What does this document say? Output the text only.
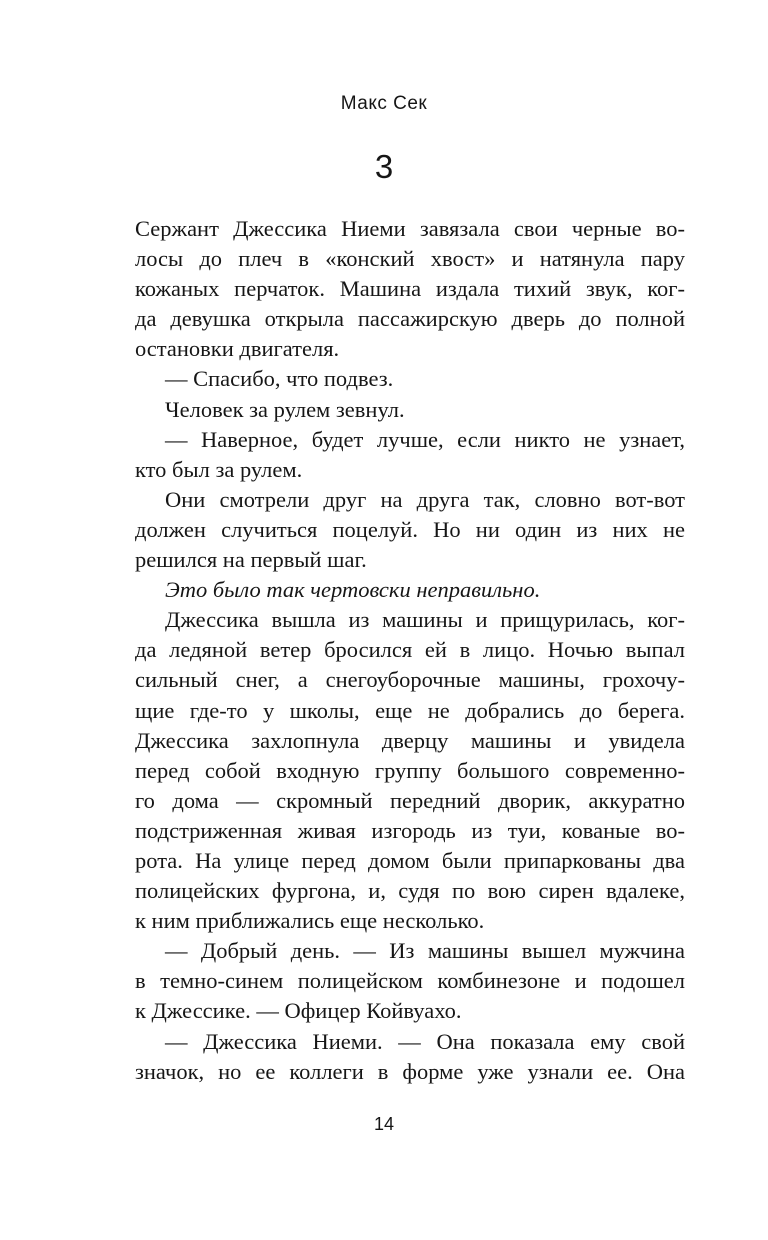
Макс Сек
3
Сержант Джессика Ниеми завязала свои черные во-
лосы до плеч в «конский хвост» и натянула пару
кожаных перчаток. Машина издала тихий звук, ког-
да девушка открыла пассажирскую дверь до полной
остановки двигателя.
— Спасибо, что подвез.
Человек за рулем зевнул.
— Наверное, будет лучше, если никто не узнает,
кто был за рулем.
Они смотрели друг на друга так, словно вот-вот
должен случиться поцелуй. Но ни один из них не
решился на первый шаг.
Это было так чертовски неправильно.
Джессика вышла из машины и прищурилась, ког-
да ледяной ветер бросился ей в лицо. Ночью выпал
сильный снег, а снегоуборочные машины, грохочу-
щие где-то у школы, еще не добрались до берега.
Джессика захлопнула дверцу машины и увидела
перед собой входную группу большого современно-
го дома — скромный передний дворик, аккуратно
подстриженная живая изгородь из туи, кованые во-
рота. На улице перед домом были припаркованы два
полицейских фургона, и, судя по вою сирен вдалеке,
к ним приближались еще несколько.
— Добрый день. — Из машины вышел мужчина
в темно-синем полицейском комбинезоне и подошел
к Джессике. — Офицер Койвуахо.
— Джессика Ниеми. — Она показала ему свой
значок, но ее коллеги в форме уже узнали ее. Она
14
